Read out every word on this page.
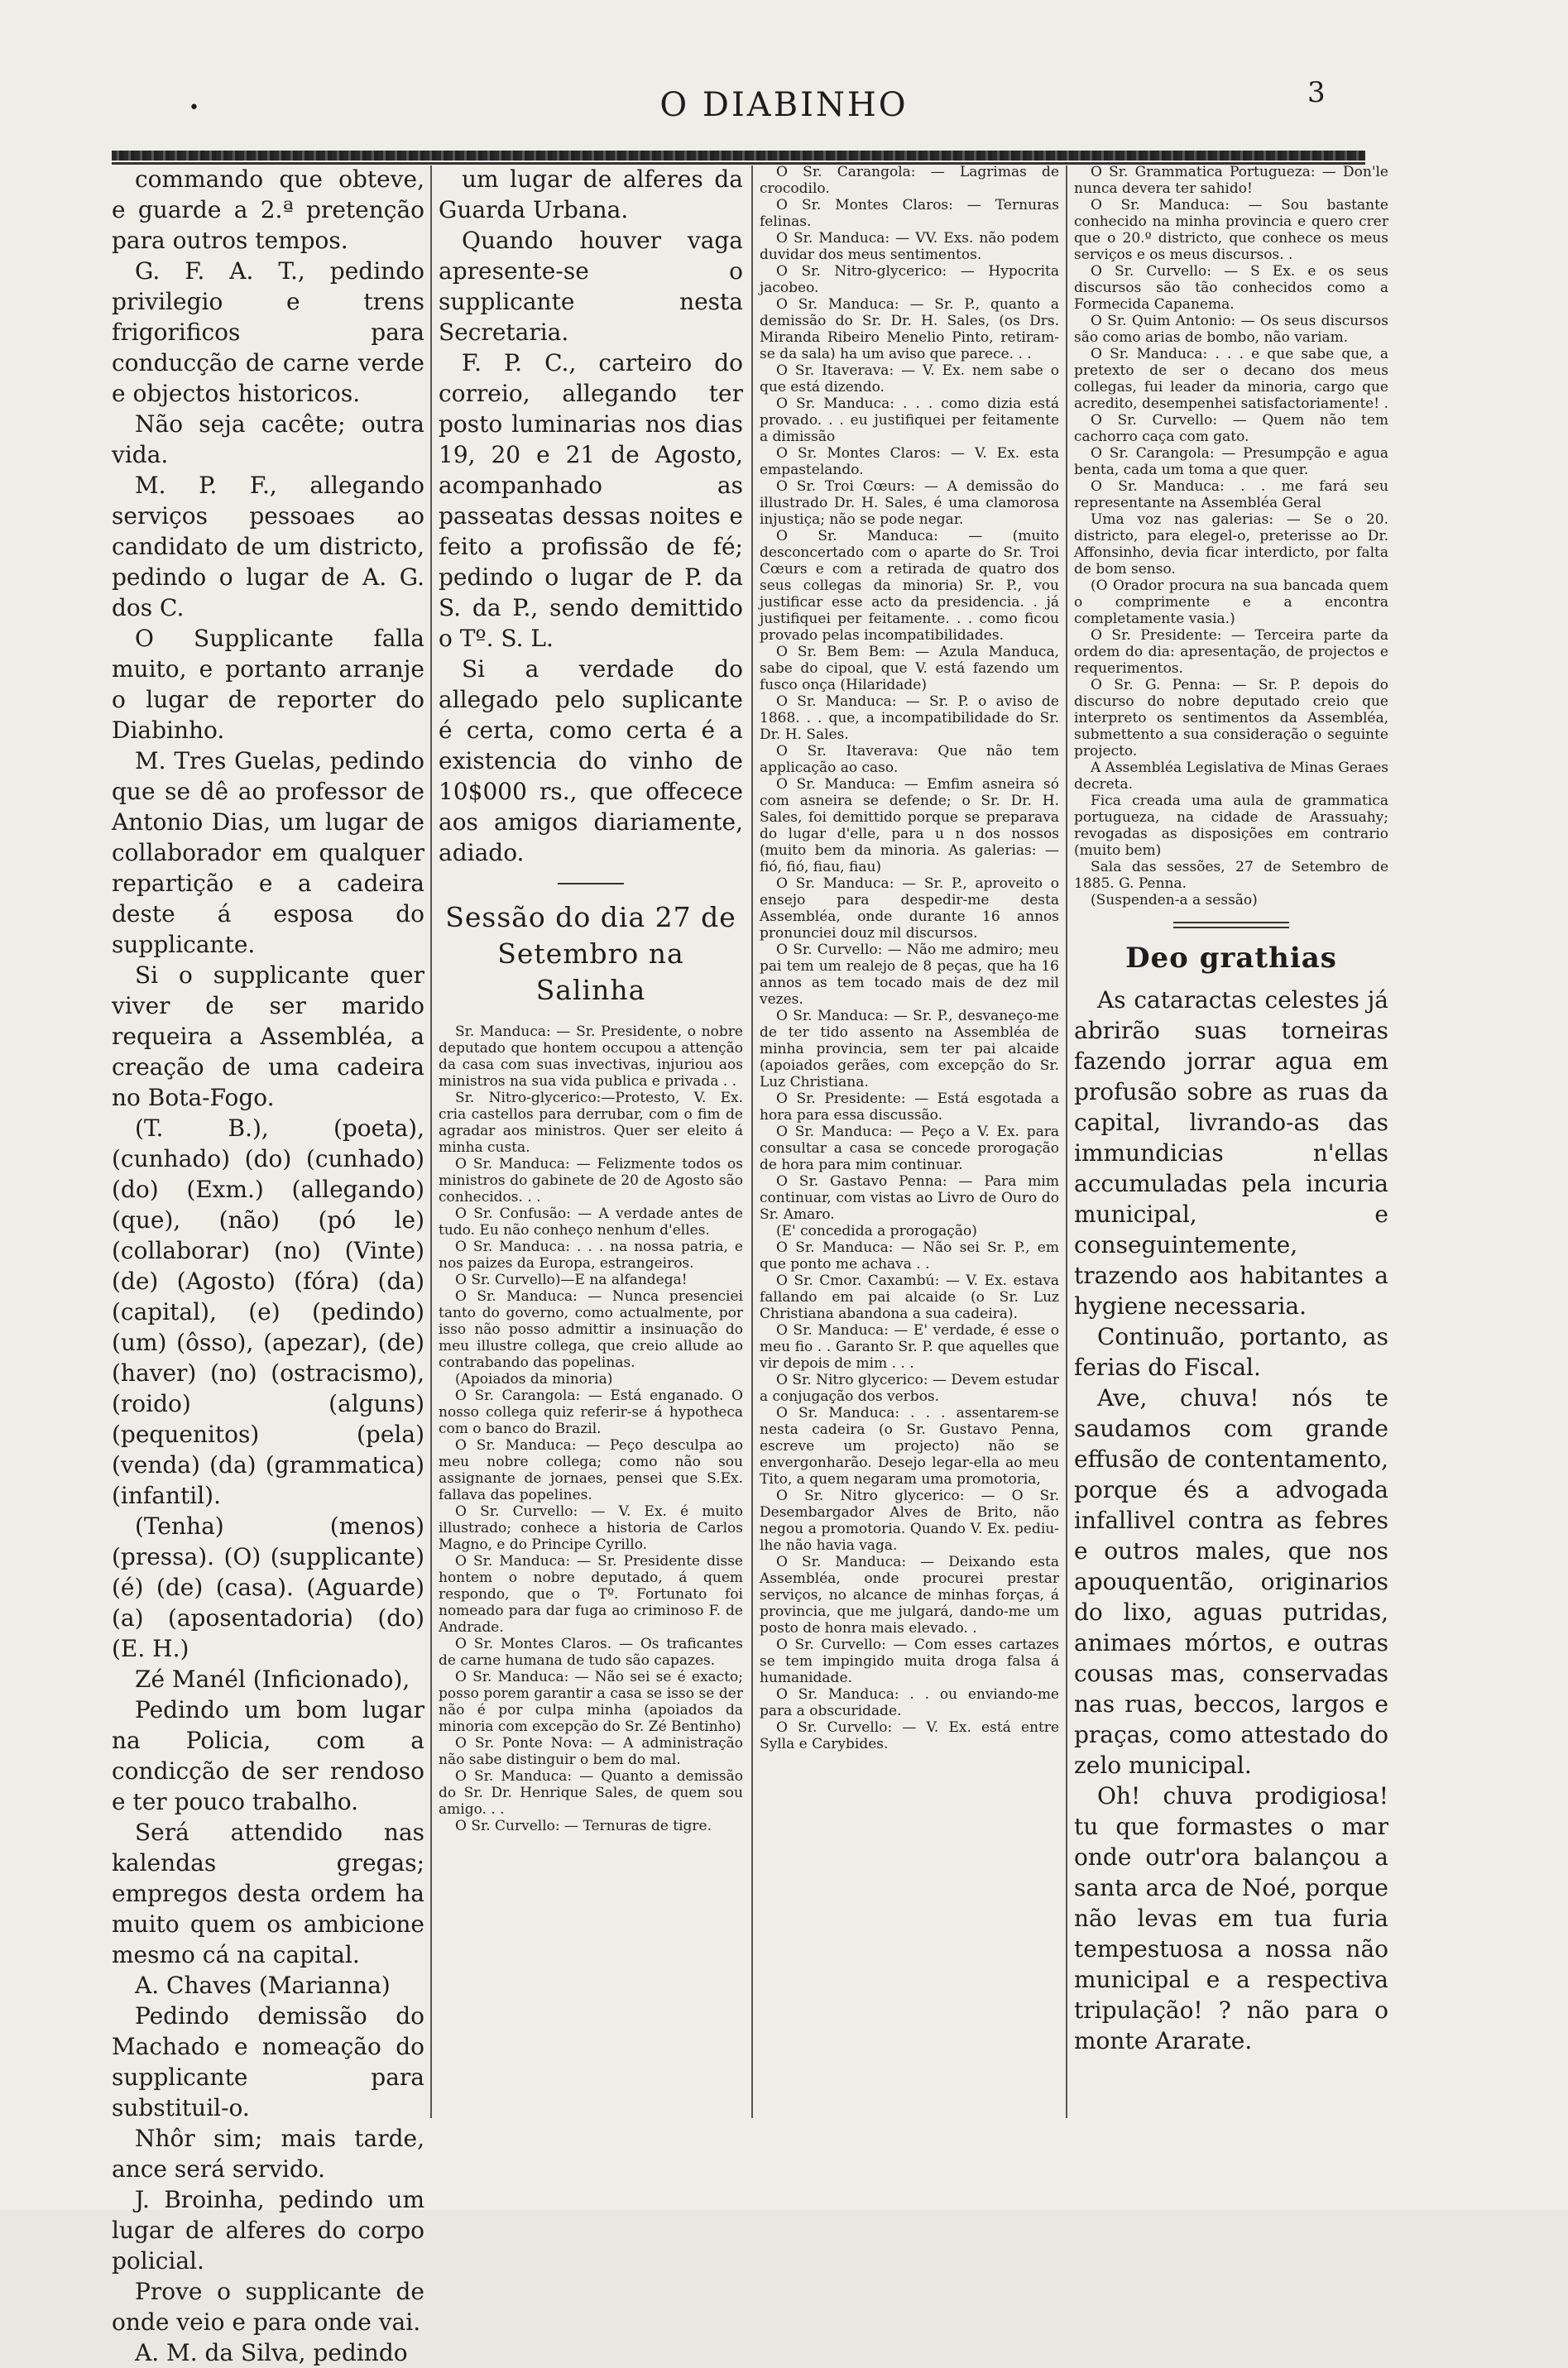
•	O DIABINHO	3

commando que obteve, e guarde a 2.ª pretenção para outros tempos.

G. F. A. T., pedindo privilegio e trens frigorificos para conducção de carne verde e objectos historicos.

Não seja cacête; outra vida.

M. P. F., allegando serviços pessoaes ao candidato de um districto, pedindo o lugar de A. G. dos C.

O Supplicante falla muito, e portanto arranje o lugar de reporter do Diabinho.

M. Tres Guelas, pedindo que se dê ao professor de Antonio Dias, um lugar de collaborador em qualquer repartição e a cadeira deste á esposa do supplicante.

Si o supplicante quer viver de ser marido requeira a Assembléa, a creação de uma cadeira no Bota-Fogo.

(T. B.), (poeta), (cunhado) (do) (cunhado) (do) (Exm.) (allegando) (que), (não) (pó le) (collaborar) (no) (Vinte) (de) (Agosto) (fóra) (da) (capital), (e) (pedindo) (um) (ôsso), (apezar), (de) (haver) (no) (ostracismo), (roido) (alguns) (pequenitos) (pela) (venda) (da) (grammatica) (infantil).

(Tenha) (menos) (pressa). (O) (supplicante) (é) (de) (casa). (Aguarde) (a) (aposentadoria) (do) (E. H.)

Zé Manél (Inficionado),

Pedindo um bom lugar na Policia, com a condicção de ser rendoso e ter pouco trabalho.

Será attendido nas kalendas gregas; empregos desta ordem ha muito quem os ambicione mesmo cá na capital.

A. Chaves (Marianna)

Pedindo demissão do Machado e nomeação do supplicante para substituil-o.

Nhôr sim; mais tarde, ance será servido.

J. Broinha, pedindo um lugar de alferes do corpo policial.

Prove o supplicante de onde veio e para onde vai.

A. M. da Silva, pedindo

um lugar de alferes da Guarda Urbana.

Quando houver vaga apresente-se o supplicante nesta Secretaria.

F. P. C., carteiro do correio, allegando ter posto luminarias nos dias 19, 20 e 21 de Agosto, acompanhado as passeatas dessas noites e feito a profissão de fé; pedindo o lugar de P. da S. da P., sendo demittido o Tº. S. L.

Si a verdade do allegado pelo suplicante é certa, como certa é a existencia do vinho de 10$000 rs., que offecece aos amigos diariamente, adiado.

Sessão do dia 27 de Setembro na Salinha

Sr. Manduca: — Sr. Presidente, o nobre deputado que hontem occupou a attenção da casa com suas invectivas, injuriou aos ministros na sua vida publica e privada . .

Sr. Nitro-glycerico:—Protesto, V. Ex. cria castellos para derrubar, com o fim de agradar aos ministros. Quer ser eleito á minha custa.

O Sr. Manduca: — Felizmente todos os ministros do gabinete de 20 de Agosto são conhecidos. . .

O Sr. Confusão: — A verdade antes de tudo. Eu não conheço nenhum d'elles.

O Sr. Manduca: . . . na nossa patria, e nos paizes da Europa, estrangeiros.

O Sr. Curvello)—E na alfandega!

O Sr. Manduca: — Nunca presenciei tanto do governo, como actualmente, por isso não posso admittir a insinuação do meu illustre collega, que creio allude ao contrabando das popelinas.

(Apoiados da minoria)

O Sr. Carangola: — Está enganado. O nosso collega quiz referir-se á hypotheca com o banco do Brazil.

O Sr. Manduca: — Peço desculpa ao meu nobre collega; como não sou assignante de jornaes, pensei que S.Ex. fallava das popelines.

O Sr. Curvello: — V. Ex. é muito illustrado; conhece a historia de Carlos Magno, e do Principe Cyrillo.

O Sr. Manduca: — Sr. Presidente disse hontem o nobre deputado, á quem respondo, que o Tº. Fortunato foi nomeado para dar fuga ao criminoso F. de Andrade.

O Sr. Montes Claros. — Os traficantes de carne humana de tudo são capazes.

O Sr. Manduca: — Não sei se é exacto; posso porem garantir a casa se isso se der não é por culpa minha (apoiados da minoria com excepção do Sr. Zé Bentinho)

O Sr. Ponte Nova: — A administração não sabe distinguir o bem do mal.

O Sr. Manduca: — Quanto a demissão do Sr. Dr. Henrique Sales, de quem sou amigo. . .

O Sr. Curvello: — Ternuras de tigre.

O Sr. Carangola: — Lagrimas de crocodilo.

O Sr. Montes Claros: — Ternuras felinas.

O Sr. Manduca: — VV. Exs. não podem duvidar dos meus sentimentos.

O Sr. Nitro-glycerico: — Hypocrita jacobeo.

O Sr. Manduca: — Sr. P., quanto a demissão do Sr. Dr. H. Sales, (os Drs. Miranda Ribeiro Menelio Pinto, retiram-se da sala) ha um aviso que parece. . .

O Sr. Itaverava: — V. Ex. nem sabe o que está dizendo.

O Sr. Manduca: . . . como dizia está provado. . . eu justifiquei per feitamente a dimissão

O Sr. Montes Claros: — V. Ex. esta empastelando.

O Sr. Troi Cœurs: — A demissão do illustrado Dr. H. Sales, é uma clamorosa injustiça; não se pode negar.

O Sr. Manduca: — (muito desconcertado com o aparte do Sr. Troi Cœurs e com a retirada de quatro dos seus collegas da minoria) Sr. P., vou justificar esse acto da presidencia. . já justifiquei per feitamente. . . como ficou provado pelas incompatibilidades.

O Sr. Bem Bem: — Azula Manduca, sabe do cipoal, que V. está fazendo um fusco onça (Hilaridade)

O Sr. Manduca: — Sr. P. o aviso de 1868. . . que, a incompatibilidade do Sr. Dr. H. Sales.

O Sr. Itaverava: Que não tem applicação ao caso.

O Sr. Manduca: — Emfim asneira só com asneira se defende; o Sr. Dr. H. Sales, foi demittido porque se preparava do lugar d'elle, para u n dos nossos (muito bem da minoria. As galerias: — fió, fió, fiau, fiau)

O Sr. Manduca: — Sr. P., aproveito o ensejo para despedir-me desta Assembléa, onde durante 16 annos pronunciei douz mil discursos.

O Sr. Curvello: — Não me admiro; meu pai tem um realejo de 8 peças, que ha 16 annos as tem tocado mais de dez mil vezes.

O Sr. Manduca: — Sr. P., desvaneço-me de ter tido assento na Assembléa de minha provincia, sem ter pai alcaide (apoiados gerães, com excepção do Sr. Luz Christiana.

O Sr. Presidente: — Está esgotada a hora para essa discussão.

O Sr. Manduca: — Peço a V. Ex. para consultar a casa se concede prorogação de hora para mim continuar.

O Sr. Gastavo Penna: — Para mim continuar, com vistas ao Livro de Ouro do Sr. Amaro.

(E' concedida a prorogação)

O Sr. Manduca: — Não sei Sr. P., em que ponto me achava . .

O Sr. Cmor. Caxambú: — V. Ex. estava fallando em pai alcaide (o Sr. Luz Christiana abandona a sua cadeira).

O Sr. Manduca: — E' verdade, é esse o meu fio . . Garanto Sr. P. que aquelles que vir depois de mim . . .

O Sr. Nitro glycerico: — Devem estudar a conjugação dos verbos.

O Sr. Manduca: . . . assentarem-se nesta cadeira (o Sr. Gustavo Penna, escreve um projecto) não se envergonharão. Desejo legar-ella ao meu Tito, a quem negaram uma promotoria,

O Sr. Nitro glycerico: — O Sr. Desembargador Alves de Brito, não negou a promotoria. Quando V. Ex. pediu-lhe não havia vaga.

O Sr. Manduca: — Deixando esta Assembléa, onde procurei prestar serviços, no alcance de minhas forças, á provincia, que me julgará, dando-me um posto de honra mais elevado. .

O Sr. Curvello: — Com esses cartazes se tem impingido muita droga falsa á humanidade.

O Sr. Manduca: . . ou enviando-me para a obscuridade.

O Sr. Curvello: — V. Ex. está entre Sylla e Carybides.

O Sr. Grammatica Portugueza: — Don'le nunca devera ter sahido!

O Sr. Manduca: — Sou bastante conhecido na minha provincia e quero crer que o 20.º districto, que conhece os meus serviços e os meus discursos. .

O Sr. Curvello: — S Ex. e os seus discursos são tão conhecidos como a Formecida Capanema.

O Sr. Quim Antonio: — Os seus discursos são como arias de bombo, não variam.

O Sr. Manduca: . . . e que sabe que, a pretexto de ser o decano dos meus collegas, fui leader da minoria, cargo que acredito, desempenhei satisfactoriamente! .

O Sr. Curvello: — Quem não tem cachorro caça com gato.

O Sr. Carangola: — Presumpção e agua benta, cada um toma a que quer.

O Sr. Manduca: . . me fará seu representante na Assembléa Geral

Uma voz nas galerias: — Se o 20. districto, para elegel-o, preterisse ao Dr. Affonsinho, devia ficar interdicto, por falta de bom senso.

(O Orador procura na sua bancada quem o comprimente e a encontra completamente vasia.)

O Sr. Presidente: — Terceira parte da ordem do dia: apresentação, de projectos e requerimentos.

O Sr. G. Penna: — Sr. P. depois do discurso do nobre deputado creio que interpreto os sentimentos da Assembléa, submettento a sua consideração o seguinte projecto.

A Assembléa Legislativa de Minas Geraes decreta.

Fica creada uma aula de grammatica portugueza, na cidade de Arassuahy; revogadas as disposições em contrario (muito bem)

Sala das sessões, 27 de Setembro de 1885. G. Penna.

(Suspenden-a a sessão)

Deo grathias

As cataractas celestes já abrirão suas torneiras fazendo jorrar agua em profusão sobre as ruas da capital, livrando-as das immundicias n'ellas accumuladas pela incuria municipal, e conseguintemente, trazendo aos habitantes a hygiene necessaria.

Continuão, portanto, as ferias do Fiscal.

Ave, chuva! nós te saudamos com grande effusão de contentamento, porque és a advogada infallivel contra as febres e outros males, que nos apouquentão, originarios do lixo, aguas putridas, animaes mórtos, e outras cousas mas, conservadas nas ruas, beccos, largos e praças, como attestado do zelo municipal.

Oh! chuva prodigiosa! tu que formastes o mar onde outr'ora balançou a santa arca de Noé, porque não levas em tua furia tempestuosa a nossa não municipal e a respectiva tripulação! ? não para o monte Ararate.
